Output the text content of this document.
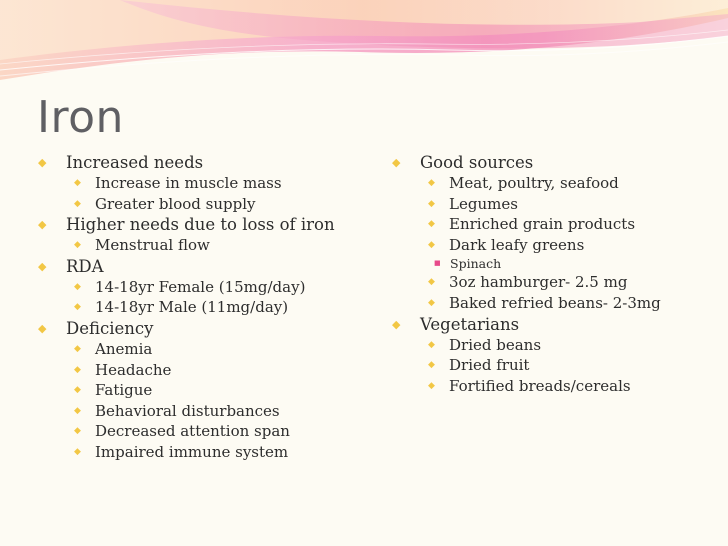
Iron
◆ Increased needs
◆ Increase in muscle mass
◆ Greater blood supply
◆ Higher needs due to loss of iron
◆ Menstrual flow
◆ RDA
◆ 14-18yr Female (15mg/day)
◆ 14-18yr Male (11mg/day)
◆ Deficiency
◆ Anemia
◆ Headache
◆ Fatigue
◆ Behavioral disturbances
◆ Decreased attention span
◆ Impaired immune system
◆ Good sources
◆ Meat, poultry, seafood
◆ Legumes
◆ Enriched grain products
◆ Dark leafy greens
■ Spinach
◆ 3oz hamburger- 2.5 mg
◆ Baked refried beans- 2-3mg
◆ Vegetarians
◆ Dried beans
◆ Dried fruit
◆ Fortified breads/cereals
